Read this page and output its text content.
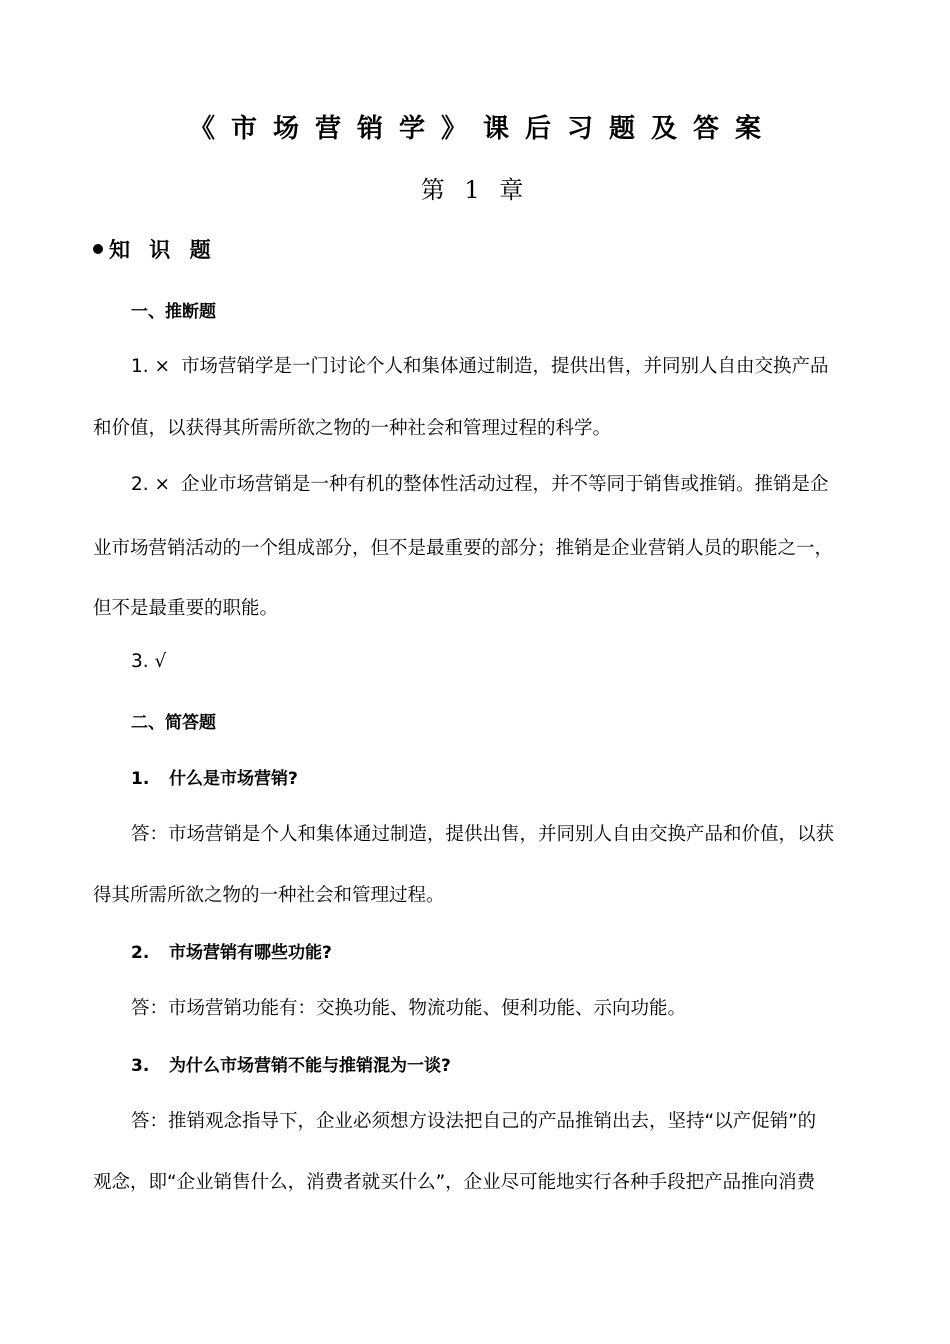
《市场营销学》课后习题及答案
第 1 章
知 识 题
一、推断题
1. × 市场营销学是一门讨论个人和集体通过制造，提供出售，并同别人自由交换产品
和价值，以获得其所需所欲之物的一种社会和管理过程的科学。
2. × 企业市场营销是一种有机的整体性活动过程，并不等同于销售或推销。推销是企
业市场营销活动的一个组成部分，但不是最重要的部分；推销是企业营销人员的职能之一，
但不是最重要的职能。
3. √
二、简答题
1. 什么是市场营销?
答：市场营销是个人和集体通过制造，提供出售，并同别人自由交换产品和价值，以获
得其所需所欲之物的一种社会和管理过程。
2. 市场营销有哪些功能?
答：市场营销功能有：交换功能、物流功能、便利功能、示向功能。
3. 为什么市场营销不能与推销混为一谈?
答：推销观念指导下，企业必须想方设法把自己的产品推销出去，坚持“以产促销”的
观念，即“企业销售什么，消费者就买什么”，企业尽可能地实行各种手段把产品推向消费
